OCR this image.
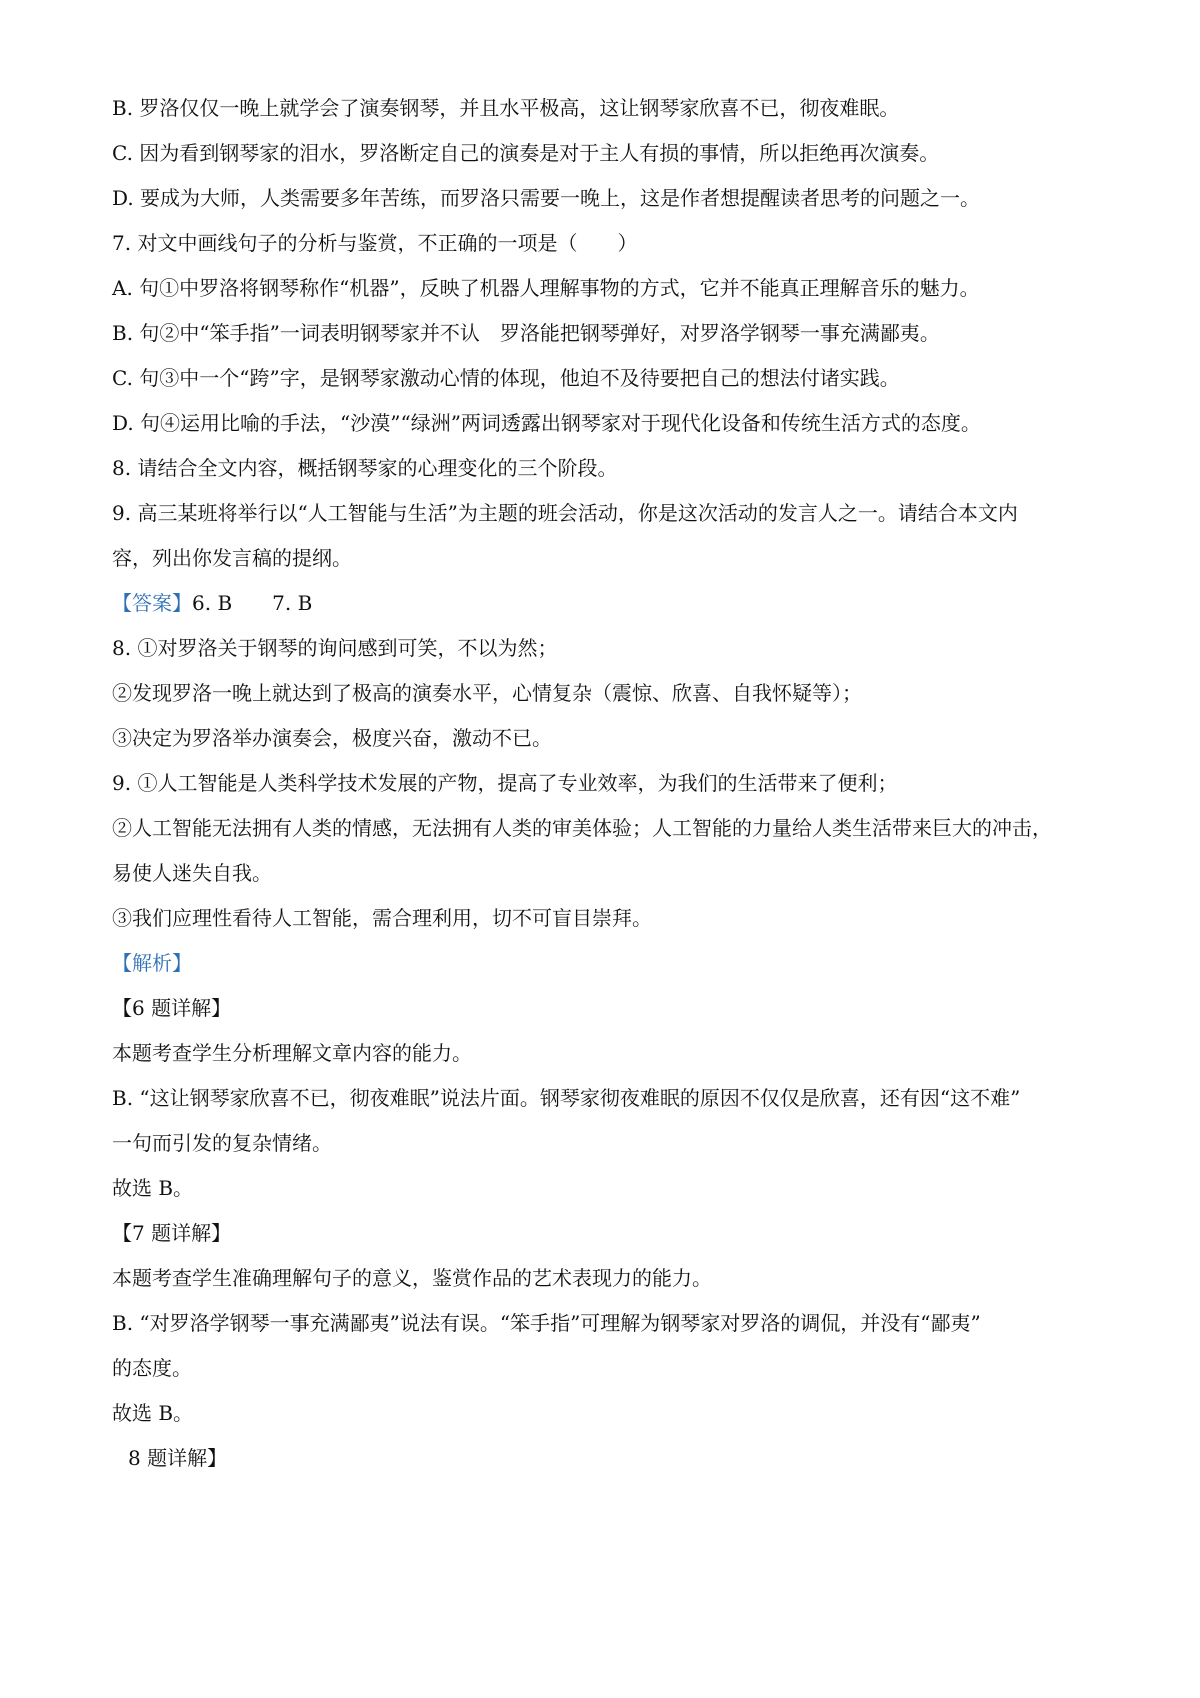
B. 罗洛仅仅一晚上就学会了演奏钢琴，并且水平极高，这让钢琴家欣喜不已，彻夜难眠。
C. 因为看到钢琴家的泪水，罗洛断定自己的演奏是对于主人有损的事情，所以拒绝再次演奏。
D. 要成为大师，人类需要多年苦练，而罗洛只需要一晚上，这是作者想提醒读者思考的问题之一。
7. 对文中画线句子的分析与鉴赏，不正确的一项是（　　）
A. 句①中罗洛将钢琴称作“机器”，反映了机器人理解事物的方式，它并不能真正理解音乐的魅力。
B. 句②中“笨手指”一词表明钢琴家并不认　罗洛能把钢琴弹好，对罗洛学钢琴一事充满鄙夷。
C. 句③中一个“跨”字，是钢琴家激动心情的体现，他迫不及待要把自己的想法付诸实践。
D. 句④运用比喻的手法，“沙漠”“绿洲”两词透露出钢琴家对于现代化设备和传统生活方式的态度。
8. 请结合全文内容，概括钢琴家的心理变化的三个阶段。
9. 高三某班将举行以“人工智能与生活”为主题的班会活动，你是这次活动的发言人之一。请结合本文内
容，列出你发言稿的提纲。
【答案】6. B　　7. B
8. ①对罗洛关于钢琴的询问感到可笑，不以为然；
②发现罗洛一晚上就达到了极高的演奏水平，心情复杂（震惊、欣喜、自我怀疑等）；
③决定为罗洛举办演奏会，极度兴奋，激动不已。
9. ①人工智能是人类科学技术发展的产物，提高了专业效率，为我们的生活带来了便利；
②人工智能无法拥有人类的情感，无法拥有人类的审美体验；人工智能的力量给人类生活带来巨大的冲击，
易使人迷失自我。
③我们应理性看待人工智能，需合理利用，切不可盲目崇拜。
【解析】
【6 题详解】
本题考查学生分析理解文章内容的能力。
B. “这让钢琴家欣喜不已，彻夜难眠”说法片面。钢琴家彻夜难眠的原因不仅仅是欣喜，还有因“这不难”
一句而引发的复杂情绪。
故选 B。
【7 题详解】
本题考查学生准确理解句子的意义，鉴赏作品的艺术表现力的能力。
B. “对罗洛学钢琴一事充满鄙夷”说法有误。“笨手指”可理解为钢琴家对罗洛的调侃，并没有“鄙夷”
的态度。
故选 B。
8 题详解】
